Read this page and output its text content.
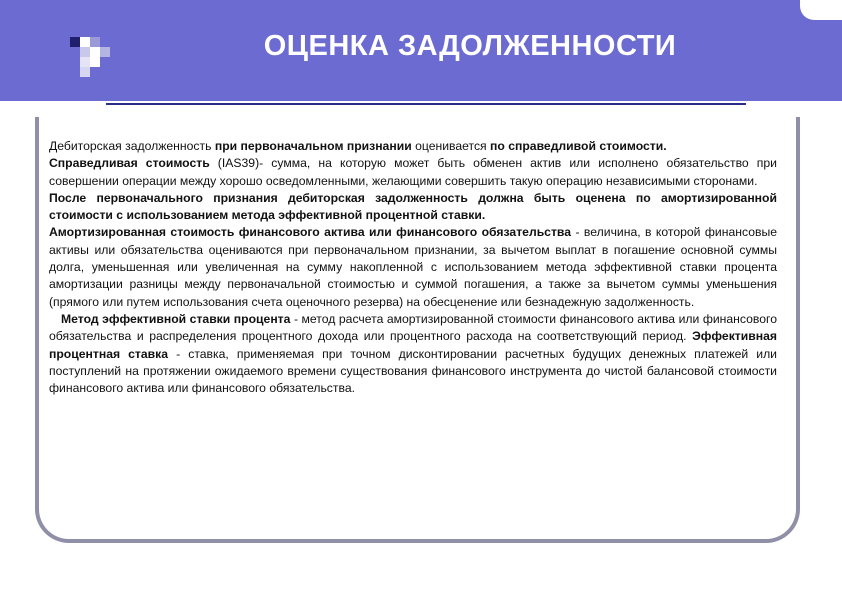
ОЦЕНКА ЗАДОЛЖЕННОСТИ

Дебиторская задолженность при первоначальном признании оценивается по справедливой стоимости.

Справедливая стоимость (IAS39)- сумма, на которую может быть обменен актив или исполнено обязательство при совершении операции между хорошо осведомленными, желающими совершить такую операцию независимыми сторонами.

После первоначального признания дебиторская задолженность должна быть оценена по амортизированной стоимости с использованием метода эффективной процентной ставки.

Амортизированная стоимость финансового актива или финансового обязательства - величина, в которой финансовые активы или обязательства оцениваются при первоначальном признании, за вычетом выплат в погашение основной суммы долга, уменьшенная или увеличенная на сумму накопленной с использованием метода эффективной ставки процента амортизации разницы между первоначальной стоимостью и суммой погашения, а также за вычетом суммы уменьшения (прямого или путем использования счета оценочного резерва) на обесценение или безнадежную задолженность.

Метод эффективной ставки процента - метод расчета амортизированной стоимости финансового актива или финансового обязательства и распределения процентного дохода или процентного расхода на соответствующий период. Эффективная процентная ставка - ставка, применяемая при точном дисконтировании расчетных будущих денежных платежей или поступлений на протяжении ожидаемого времени существования финансового инструмента до чистой балансовой стоимости финансового актива или финансового обязательства.
